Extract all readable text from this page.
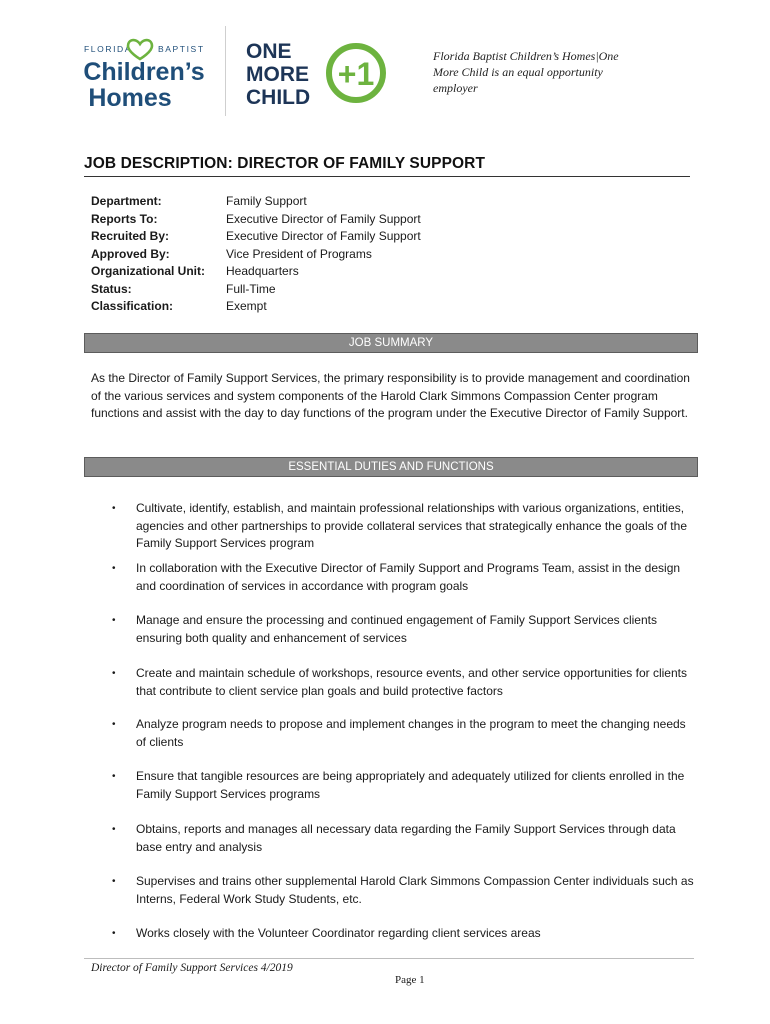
FLORIDA	BAPTIST
Children’s
Homes
ONE
MORE
CHILD
+1	Florida Baptist Children’s Homes|One More Child is an equal opportunity employer
JOB DESCRIPTION: DIRECTOR OF FAMILY SUPPORT
Department:	Family Support
Reports To:	Executive Director of Family Support
Recruited By:	Executive Director of Family Support
Approved By:	Vice President of Programs
Organizational Unit:	Headquarters
Status:	Full-Time
Classification:	Exempt
JOB SUMMARY

As the Director of Family Support Services, the primary responsibility is to provide management and coordination of the various services and system components of the Harold Clark Simmons Compassion Center program functions and assist with the day to day functions of the program under the Executive Director of Family Support.

ESSENTIAL DUTIES AND FUNCTIONS
• Cultivate, identify, establish, and maintain professional relationships with various organizations, entities, agencies and other partnerships to provide collateral services that strategically enhance the goals of the Family Support Services program
• In collaboration with the Executive Director of Family Support and Programs Team, assist in the design and coordination of services in accordance with program goals
• Manage and ensure the processing and continued engagement of Family Support Services clients ensuring both quality and enhancement of services
• Create and maintain schedule of workshops, resource events, and other service opportunities for clients that contribute to client service plan goals and build protective factors
• Analyze program needs to propose and implement changes in the program to meet the changing needs of clients
• Ensure that tangible resources are being appropriately and adequately utilized for clients enrolled in the Family Support Services programs
• Obtains, reports and manages all necessary data regarding the Family Support Services through data base entry and analysis
• Supervises and trains other supplemental Harold Clark Simmons Compassion Center individuals such as Interns, Federal Work Study Students, etc.
• Works closely with the Volunteer Coordinator regarding client services areas
Director of Family Support Services 4/2019
Page 1
